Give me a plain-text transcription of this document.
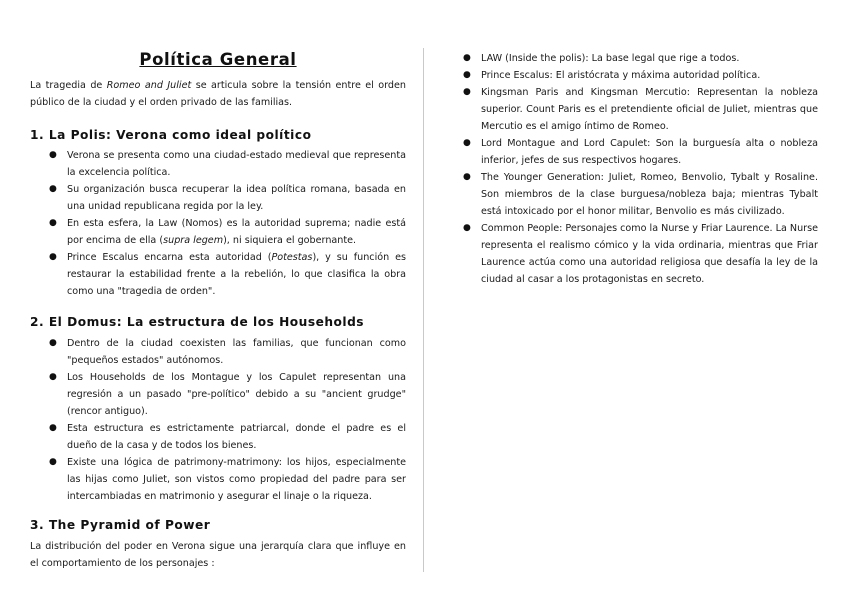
Política General

La tragedia de Romeo and Juliet se articula sobre la tensión entre el orden público de la ciudad y el orden privado de las familias.

1. La Polis: Verona como ideal político
● Verona se presenta como una ciudad-estado medieval que representa la excelencia política.
● Su organización busca recuperar la idea política romana, basada en una unidad republicana regida por la ley.
● En esta esfera, la Law (Nomos) es la autoridad suprema; nadie está por encima de ella (supra legem), ni siquiera el gobernante.
● Prince Escalus encarna esta autoridad (Potestas), y su función es restaurar la estabilidad frente a la rebelión, lo que clasifica la obra como una "tragedia de orden".
2. El Domus: La estructura de los Households
● Dentro de la ciudad coexisten las familias, que funcionan como "pequeños estados" autónomos.
● Los Households de los Montague y los Capulet representan una regresión a un pasado "pre-político" debido a su "ancient grudge" (rencor antiguo).
● Esta estructura es estrictamente patriarcal, donde el padre es el dueño de la casa y de todos los bienes.
● Existe una lógica de patrimony-matrimony: los hijos, especialmente las hijas como Juliet, son vistos como propiedad del padre para ser intercambiadas en matrimonio y asegurar el linaje o la riqueza.
3. The Pyramid of Power

La distribución del poder en Verona sigue una jerarquía clara que influye en el comportamiento de los personajes :

● LAW (Inside the polis): La base legal que rige a todos.
● Prince Escalus: El aristócrata y máxima autoridad política.
● Kingsman Paris and Kingsman Mercutio: Representan la nobleza superior. Count Paris es el pretendiente oficial de Juliet, mientras que Mercutio es el amigo íntimo de Romeo.
● Lord Montague and Lord Capulet: Son la burguesía alta o nobleza inferior, jefes de sus respectivos hogares.
● The Younger Generation: Juliet, Romeo, Benvolio, Tybalt y Rosaline. Son miembros de la clase burguesa/nobleza baja; mientras Tybalt está intoxicado por el honor militar, Benvolio es más civilizado.
● Common People: Personajes como la Nurse y Friar Laurence. La Nurse representa el realismo cómico y la vida ordinaria, mientras que Friar Laurence actúa como una autoridad religiosa que desafía la ley de la ciudad al casar a los protagonistas en secreto.
